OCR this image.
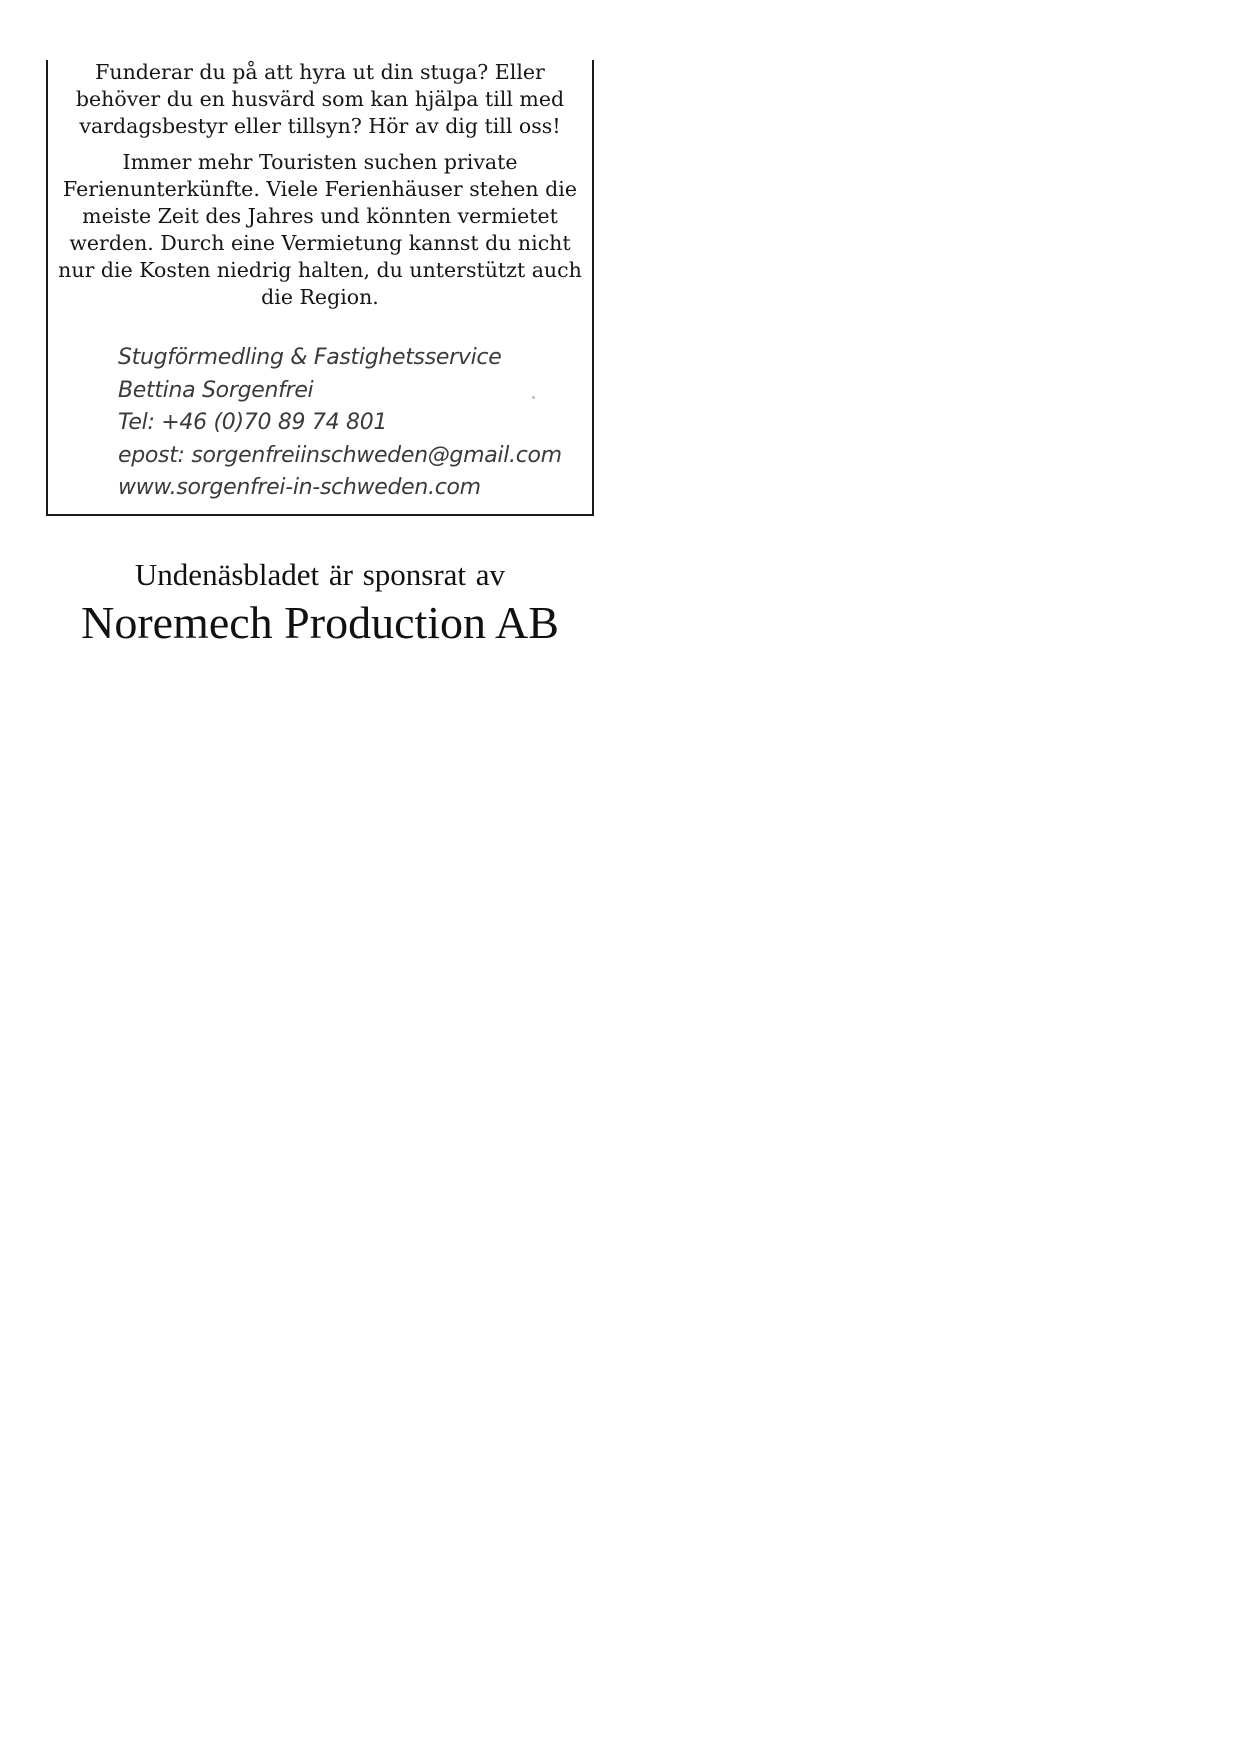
Funderar du på att hyra ut din stuga? Eller behöver du en husvärd som kan hjälpa till med vardagsbestyr eller tillsyn? Hör av dig till oss!

Immer mehr Touristen suchen private Ferienunterkünfte. Viele Ferienhäuser stehen die meiste Zeit des Jahres und könnten vermietet werden. Durch eine Vermietung kannst du nicht nur die Kosten niedrig halten, du unterstützt auch die Region.

Stugförmedling & Fastighetsservice
Bettina Sorgenfrei
Tel: +46 (0)70 89 74 801
epost: sorgenfreiinschweden@gmail.com
www.sorgenfrei-in-schweden.com
Undenäsbladet är sponsrat av
Noremech Production AB
